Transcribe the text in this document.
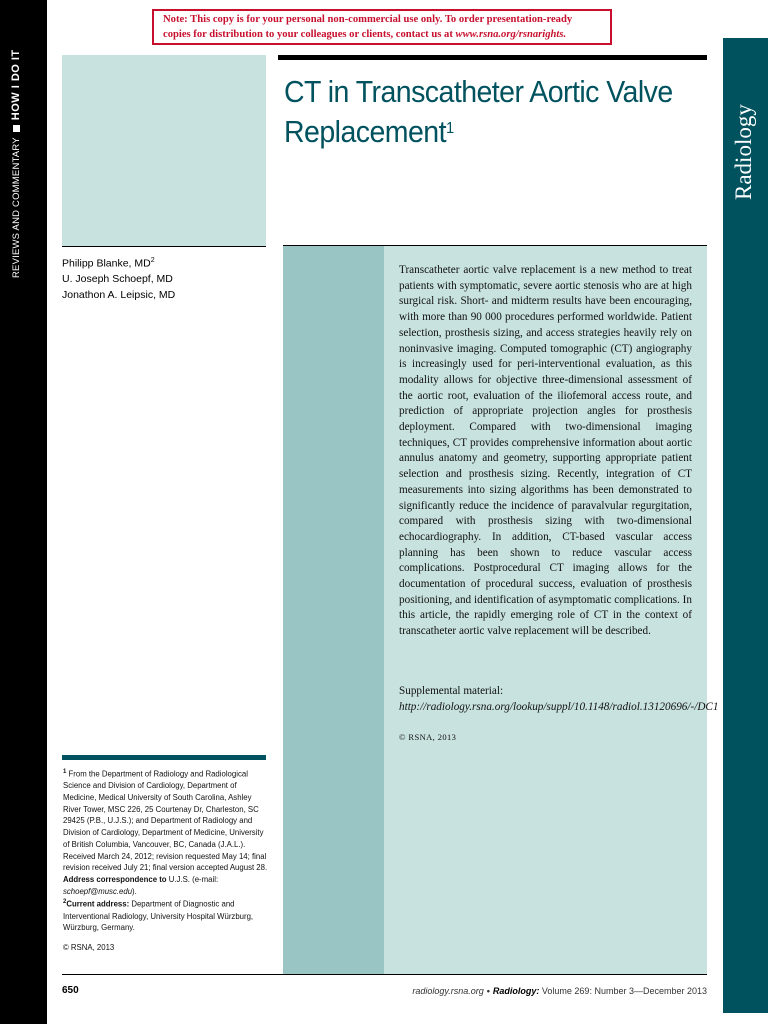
REVIEWS AND COMMENTARYHOW I DO IT
Note: This copy is for your personal non-commercial use only. To order presentation-ready
copies for distribution to your colleagues or clients, contact us at www.rsna.org/rsnarights.
Radiology
CT in Transcatheter Aortic Valve Replacement$^1$
Philipp Blanke, $MD^2$
U. Joseph Schoepf, MD
Jonathon A. Leipsic, MD
Transcatheter aortic valve replacement is a new method to treat patients with symptomatic, severe aortic stenosis who are at high surgical risk. Short- and midterm results have been encouraging, with more than 90 000 procedures performed worldwide. Patient selection, prosthesis sizing, and access strategies heavily rely on noninvasive imaging. Computed tomographic (CT) angiography is increasingly used for peri-interventional evaluation, as this modality allows for objective three-dimensional assessment of the aortic root, evaluation of the iliofemoral access route, and prediction of appropriate projection angles for prosthesis deployment. Compared with two-dimensional imaging techniques, CT provides comprehensive information about aortic annulus anatomy and geometry, supporting appropriate patient selection and prosthesis sizing. Recently, integration of CT measurements into sizing algorithms has been demonstrated to significantly reduce the incidence of paravalvular regurgitation, compared with prosthesis sizing with two-dimensional echocardiography. In addition, CT-based vascular access planning has been shown to reduce vascular access complications. Postprocedural CT imaging allows for the documentation of procedural success, evaluation of prosthesis positioning, and identification of asymptomatic complications. In this article, the rapidly emerging role of CT in the context of transcatheter aortic valve replacement will be described.
Supplemental material: http://radiology.rsna.org/lookup/suppl/10.1148/radiol.13120696/-/DC1
© RSNA, 2013
$^1$ From the Department of Radiology and Radiological Science and Division of Cardiology, Department of Medicine, Medical University of South Carolina, Ashley River Tower, MSC 226, 25 Courtenay Dr, Charleston, SC 29425 (P.B., U.J.S.); and Department of Radiology and Division of Cardiology, Department of Medicine, University of British Columbia, Vancouver, BC, Canada (J.A.L.). Received March 24, 2012; revision requested May 14; final revision received July 21; final version accepted August 28.
Address correspondence to U.J.S. (e-mail: schoepf@musc.edu).
$^2$Current address: Department of Diagnostic and Interventional Radiology, University Hospital Würzburg, Würzburg, Germany.
© RSNA, 2013
650	radiology.rsna.org • Radiology: Volume 269: Number 3—December 2013
